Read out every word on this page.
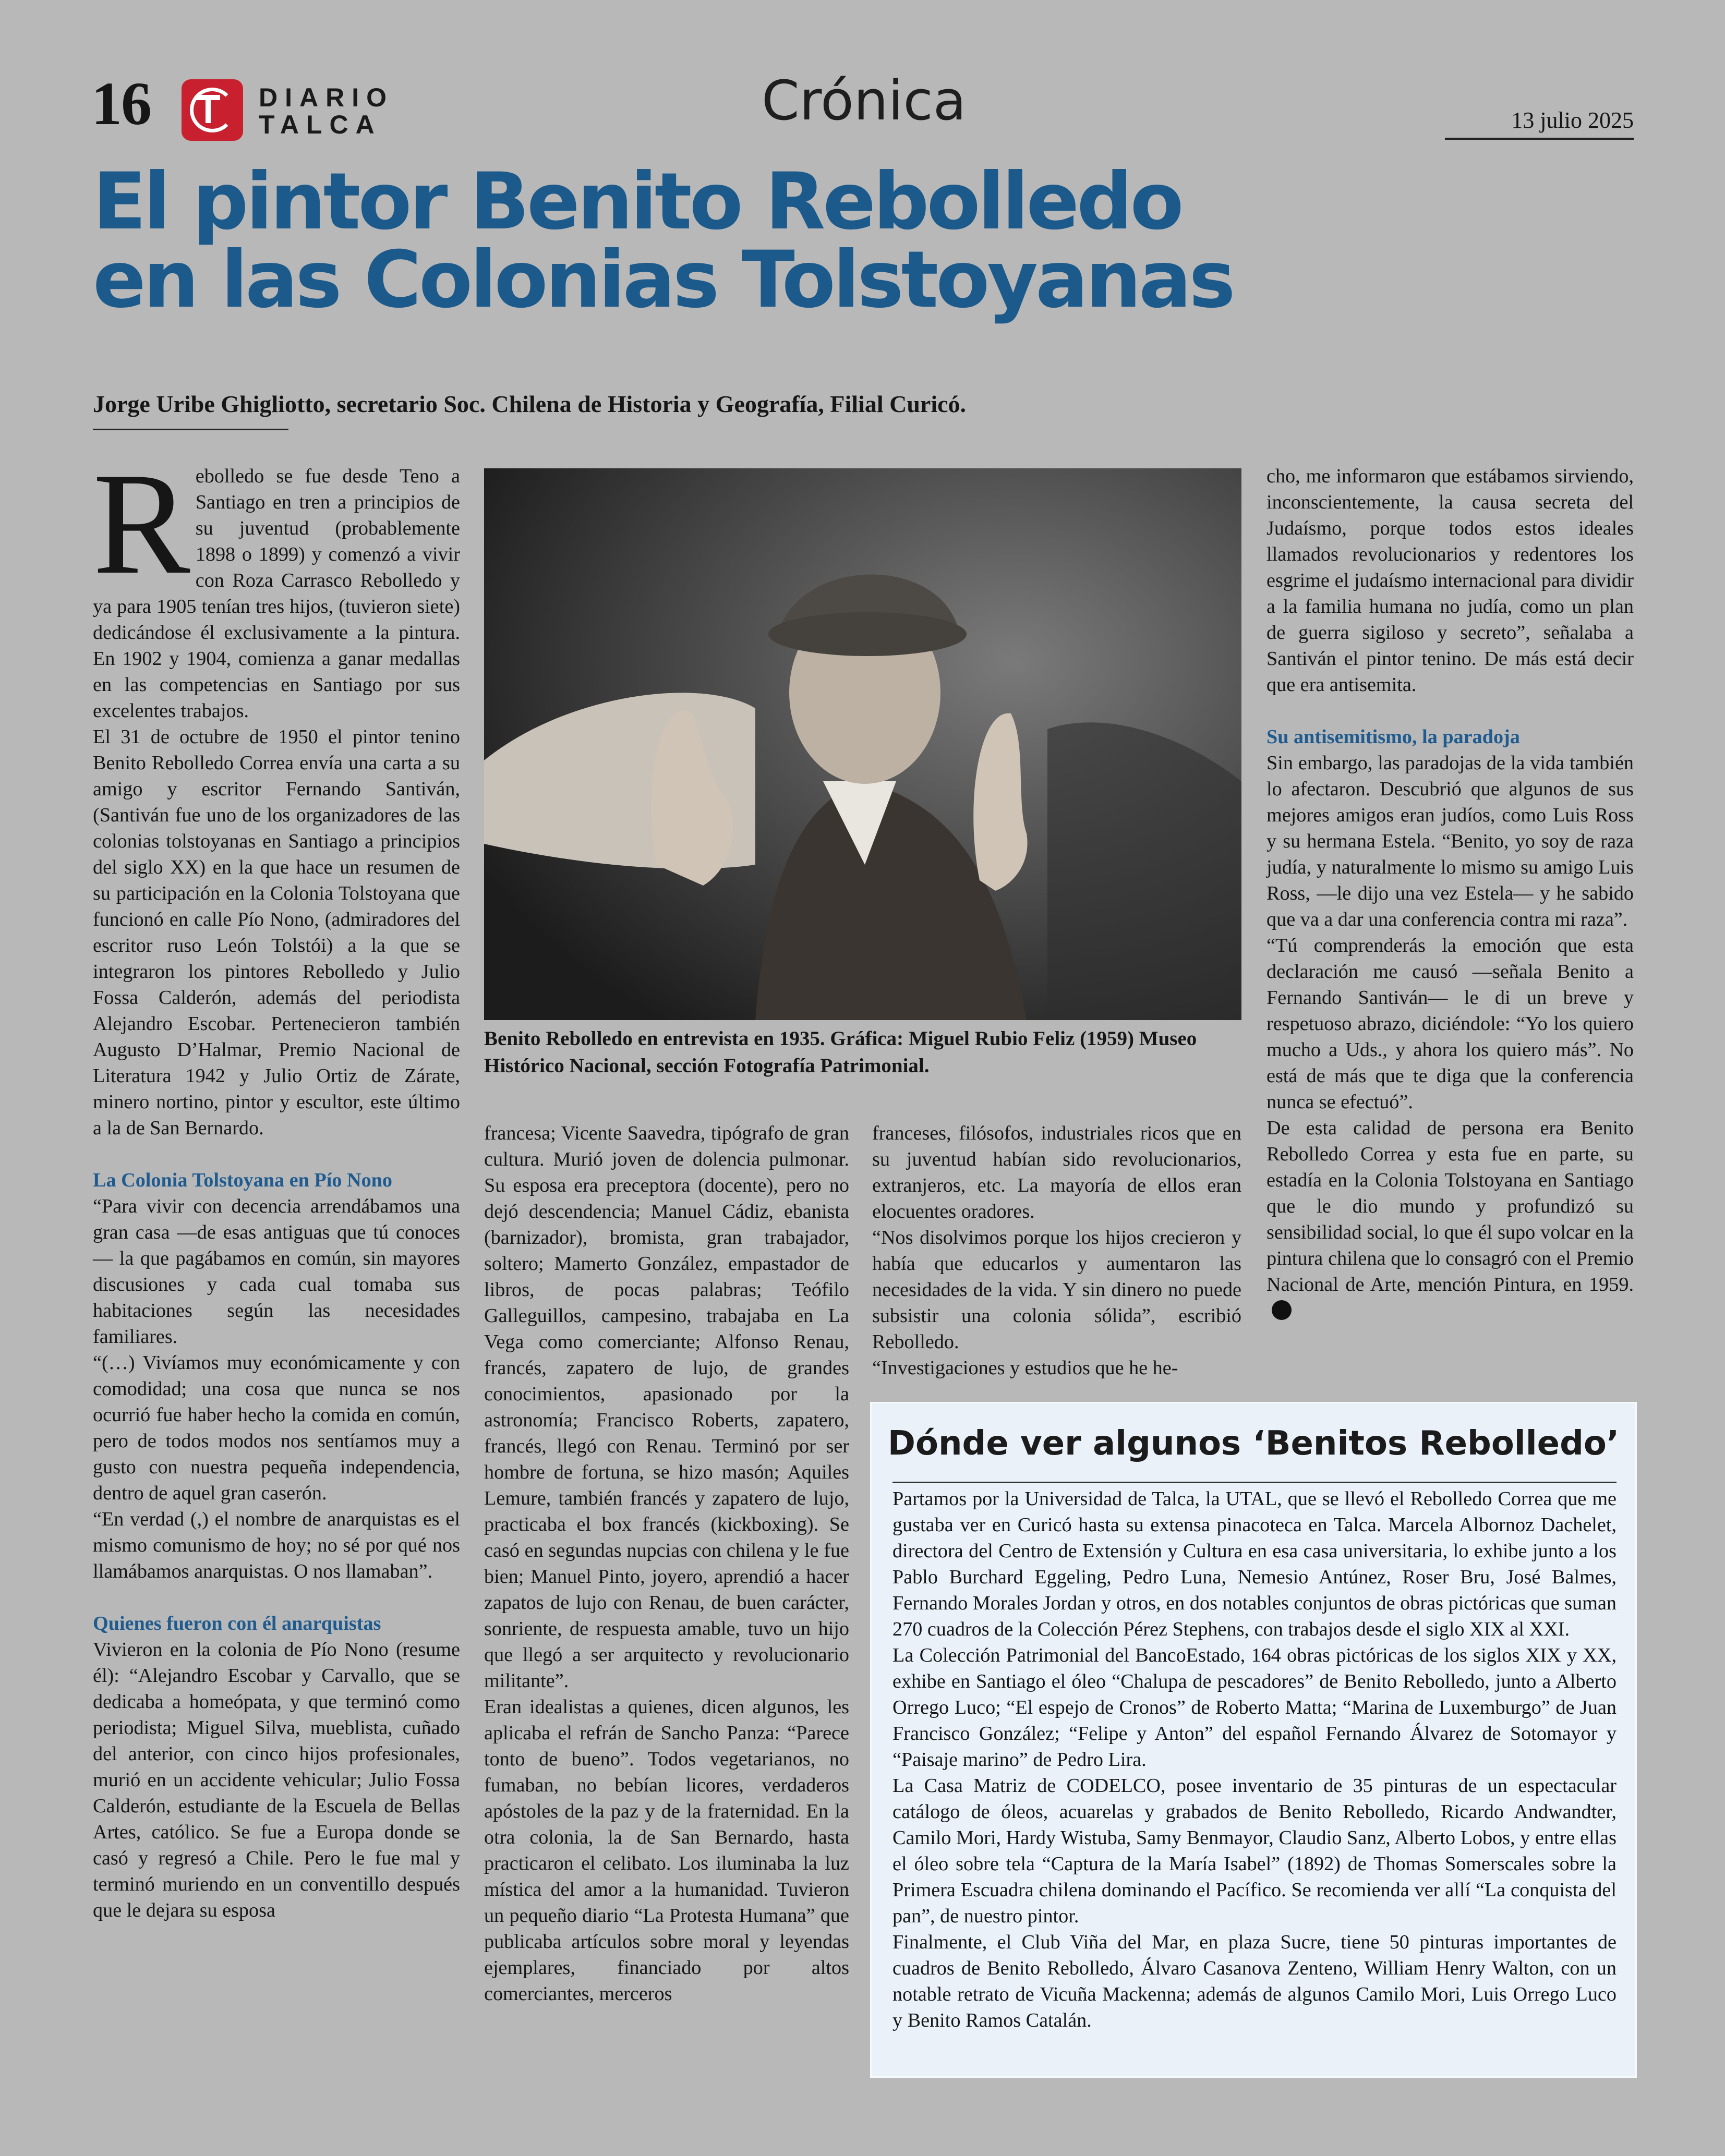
16	DIARIO
TALCA	Crónica	13 julio 2025
El pintor Benito Rebolledo
en las Colonias Tolstoyanas
Jorge Uribe Ghigliotto, secretario Soc. Chilena de Historia y Geografía, Filial Curicó.
R ebolledo se fue desde Teno a Santiago en tren a principios de su juventud (probablemente 1898 o 1899) y comenzó a vivir con Roza Carrasco Rebolledo y ya para 1905 tenían tres hijos, (tuvieron siete) dedicándose él exclusivamente a la pintura. En 1902 y 1904, comienza a ganar medallas en las competencias en Santiago por sus excelentes trabajos.

El 31 de octubre de 1950 el pintor tenino Benito Rebolledo Correa envía una carta a su amigo y escritor Fernando Santiván, (Santiván fue uno de los organizadores de las colonias tolstoyanas en Santiago a principios del siglo XX) en la que hace un resumen de su participación en la Colonia Tolstoyana que funcionó en calle Pío Nono, (admiradores del escritor ruso León Tolstói) a la que se integraron los pintores Rebolledo y Julio Fossa Calderón, además del periodista Alejandro Escobar. Pertenecieron también Augusto D’Halmar, Premio Nacional de Literatura 1942 y Julio Ortiz de Zárate, minero nortino, pintor y escultor, este último a la de San Bernardo.

La Colonia Tolstoyana en Pío Nono

“Para vivir con decencia arrendábamos una gran casa —de esas antiguas que tú conoces— la que pagábamos en común, sin mayores discusiones y cada cual tomaba sus habitaciones según las necesidades familiares.

“(…) Vivíamos muy económicamente y con comodidad; una cosa que nunca se nos ocurrió fue haber hecho la comida en común, pero de todos modos nos sentíamos muy a gusto con nuestra pequeña independencia, dentro de aquel gran caserón.

“En verdad (,) el nombre de anarquistas es el mismo comunismo de hoy; no sé por qué nos llamábamos anarquistas. O nos llamaban”.

Quienes fueron con él anarquistas

Vivieron en la colonia de Pío Nono (resume él): “Alejandro Escobar y Carvallo, que se dedicaba a homeópata, y que terminó como periodista; Miguel Silva, mueblista, cuñado del anterior, con cinco hijos profesionales, murió en un accidente vehicular; Julio Fossa Calderón, estudiante de la Escuela de Bellas Artes, católico. Se fue a Europa donde se casó y regresó a Chile. Pero le fue mal y terminó muriendo en un conventillo después que le dejara su esposa

Benito Rebolledo en entrevista en 1935. Gráfica: Miguel Rubio Feliz (1959) Museo Histórico Nacional, sección Fotografía Patrimonial.

francesa; Vicente Saavedra, tipógrafo de gran cultura. Murió joven de dolencia pulmonar. Su esposa era preceptora (docente), pero no dejó descendencia; Manuel Cádiz, ebanista (barnizador), bromista, gran trabajador, soltero; Mamerto González, empastador de libros, de pocas palabras; Teófilo Galleguillos, campesino, trabajaba en La Vega como comerciante; Alfonso Renau, francés, zapatero de lujo, de grandes conocimientos, apasionado por la astronomía; Francisco Roberts, zapatero, francés, llegó con Renau. Terminó por ser hombre de fortuna, se hizo masón; Aquiles Lemure, también francés y zapatero de lujo, practicaba el box francés (kickboxing). Se casó en segundas nupcias con chilena y le fue bien; Manuel Pinto, joyero, aprendió a hacer zapatos de lujo con Renau, de buen carácter, sonriente, de respuesta amable, tuvo un hijo que llegó a ser arquitecto y revolucionario militante”.

Eran idealistas a quienes, dicen algunos, les aplicaba el refrán de Sancho Panza: “Parece tonto de bueno”. Todos vegetarianos, no fumaban, no bebían licores, verdaderos apóstoles de la paz y de la fraternidad. En la otra colonia, la de San Bernardo, hasta practicaron el celibato. Los iluminaba la luz mística del amor a la humanidad. Tuvieron un pequeño diario “La Protesta Humana” que publicaba artículos sobre moral y leyendas ejemplares, financiado por altos comerciantes, merceros

franceses, filósofos, industriales ricos que en su juventud habían sido revolucionarios, extranjeros, etc. La mayoría de ellos eran elocuentes oradores.

“Nos disolvimos porque los hijos crecieron y había que educarlos y aumentaron las necesidades de la vida. Y sin dinero no puede subsistir una colonia sólida”, escribió Rebolledo.

“Investigaciones y estudios que he he-

cho, me informaron que estábamos sirviendo, inconscientemente, la causa secreta del Judaísmo, porque todos estos ideales llamados revolucionarios y redentores los esgrime el judaísmo internacional para dividir a la familia humana no judía, como un plan de guerra sigiloso y secreto”, señalaba a Santiván el pintor tenino. De más está decir que era antisemita.

Su antisemitismo, la paradoja

Sin embargo, las paradojas de la vida también lo afectaron. Descubrió que algunos de sus mejores amigos eran judíos, como Luis Ross y su hermana Estela. “Benito, yo soy de raza judía, y naturalmente lo mismo su amigo Luis Ross, —le dijo una vez Estela— y he sabido que va a dar una conferencia contra mi raza”.

“Tú comprenderás la emoción que esta declaración me causó —señala Benito a Fernando Santiván— le di un breve y respetuoso abrazo, diciéndole: “Yo los quiero mucho a Uds., y ahora los quiero más”. No está de más que te diga que la conferencia nunca se efectuó”.

De esta calidad de persona era Benito Rebolledo Correa y esta fue en parte, su estadía en la Colonia Tolstoyana en Santiago que le dio mundo y profundizó su sensibilidad social, lo que él supo volcar en la pintura chilena que lo consagró con el Premio Nacional de Arte, mención Pintura, en 1959.

Dónde ver algunos ‘Benitos Rebolledo’

Partamos por la Universidad de Talca, la UTAL, que se llevó el Rebolledo Correa que me gustaba ver en Curicó hasta su extensa pinacoteca en Talca. Marcela Albornoz Dachelet, directora del Centro de Extensión y Cultura en esa casa universitaria, lo exhibe junto a los Pablo Burchard Eggeling, Pedro Luna, Nemesio Antúnez, Roser Bru, José Balmes, Fernando Morales Jordan y otros, en dos notables conjuntos de obras pictóricas que suman 270 cuadros de la Colección Pérez Stephens, con trabajos desde el siglo XIX al XXI.

La Colección Patrimonial del BancoEstado, 164 obras pictóricas de los siglos XIX y XX, exhibe en Santiago el óleo “Chalupa de pescadores” de Benito Rebolledo, junto a Alberto Orrego Luco; “El espejo de Cronos” de Roberto Matta; “Marina de Luxemburgo” de Juan Francisco González; “Felipe y Anton” del español Fernando Álvarez de Sotomayor y “Paisaje marino” de Pedro Lira.

La Casa Matriz de CODELCO, posee inventario de 35 pinturas de un espectacular catálogo de óleos, acuarelas y grabados de Benito Rebolledo, Ricardo Andwandter, Camilo Mori, Hardy Wistuba, Samy Benmayor, Claudio Sanz, Alberto Lobos, y entre ellas el óleo sobre tela “Captura de la María Isabel” (1892) de Thomas Somerscales sobre la Primera Escuadra chilena dominando el Pacífico. Se recomienda ver allí “La conquista del pan”, de nuestro pintor.

Finalmente, el Club Viña del Mar, en plaza Sucre, tiene 50 pinturas importantes de cuadros de Benito Rebolledo, Álvaro Casanova Zenteno, William Henry Walton, con un notable retrato de Vicuña Mackenna; además de algunos Camilo Mori, Luis Orrego Luco y Benito Ramos Catalán.
